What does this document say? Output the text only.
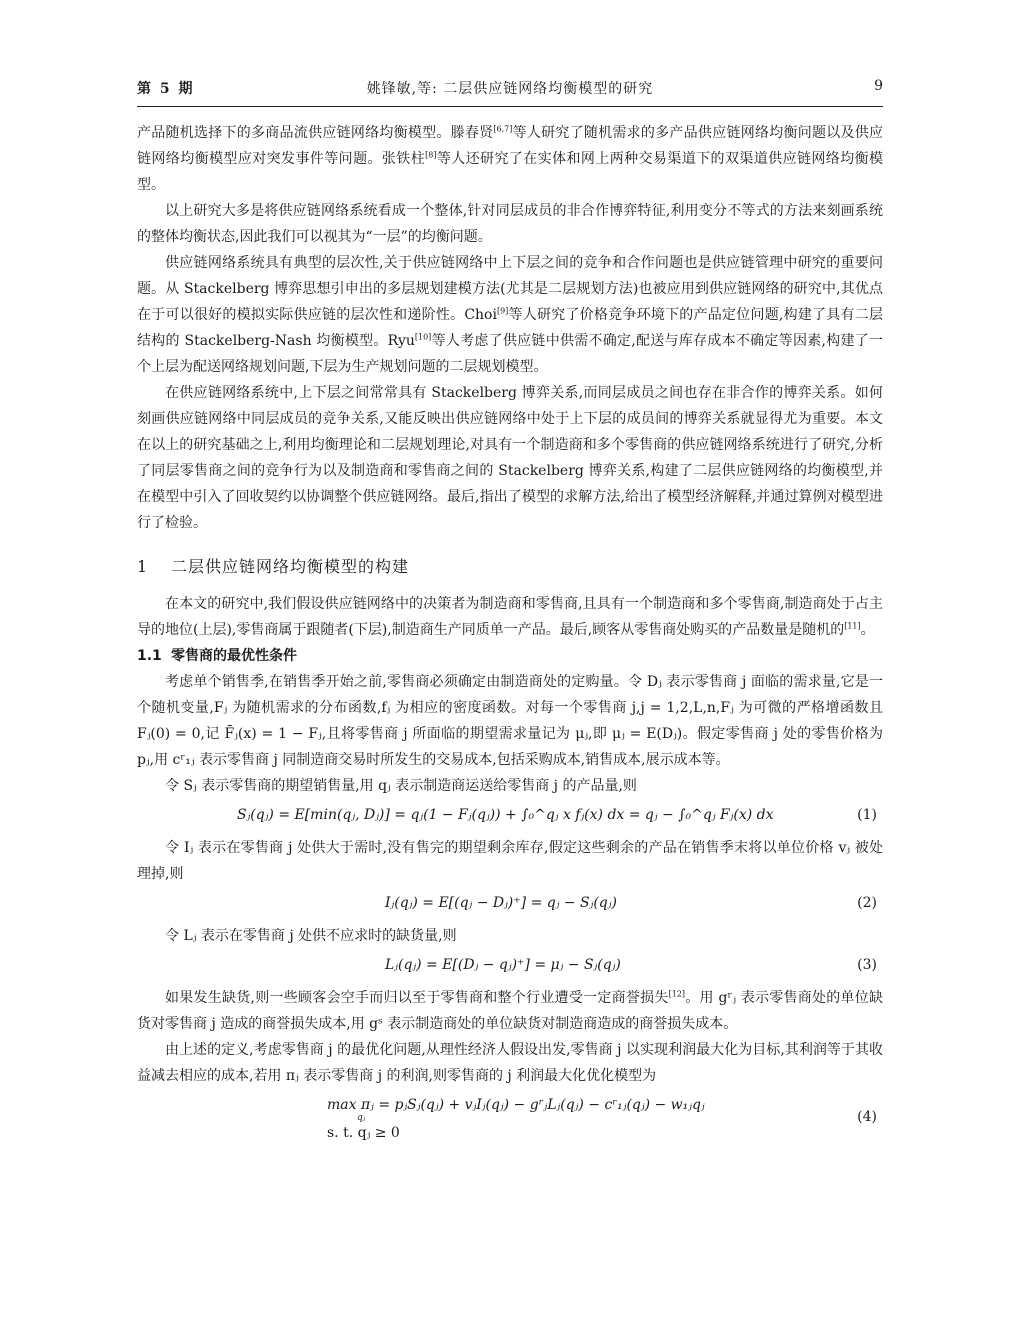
第 5 期	姚锋敏,等: 二层供应链网络均衡模型的研究	9

产品随机选择下的多商品流供应链网络均衡模型。滕春贤[6,7]等人研究了随机需求的多产品供应链网络均衡问题以及供应链网络均衡模型应对突发事件等问题。张铁柱[8]等人还研究了在实体和网上两种交易渠道下的双渠道供应链网络均衡模型。

以上研究大多是将供应链网络系统看成一个整体,针对同层成员的非合作博弈特征,利用变分不等式的方法来刻画系统的整体均衡状态,因此我们可以视其为“一层”的均衡问题。

供应链网络系统具有典型的层次性,关于供应链网络中上下层之间的竞争和合作问题也是供应链管理中研究的重要问题。从 Stackelberg 博弈思想引申出的多层规划建模方法(尤其是二层规划方法)也被应用到供应链网络的研究中,其优点在于可以很好的模拟实际供应链的层次性和递阶性。Choi[9]等人研究了价格竞争环境下的产品定位问题,构建了具有二层结构的 Stackelberg-Nash 均衡模型。Ryu[10]等人考虑了供应链中供需不确定,配送与库存成本不确定等因素,构建了一个上层为配送网络规划问题,下层为生产规划问题的二层规划模型。

在供应链网络系统中,上下层之间常常具有 Stackelberg 博弈关系,而同层成员之间也存在非合作的博弈关系。如何刻画供应链网络中同层成员的竞争关系,又能反映出供应链网络中处于上下层的成员间的博弈关系就显得尤为重要。本文在以上的研究基础之上,利用均衡理论和二层规划理论,对具有一个制造商和多个零售商的供应链网络系统进行了研究,分析了同层零售商之间的竞争行为以及制造商和零售商之间的 Stackelberg 博弈关系,构建了二层供应链网络的均衡模型,并在模型中引入了回收契约以协调整个供应链网络。最后,指出了模型的求解方法,给出了模型经济解释,并通过算例对模型进行了检验。

1 二层供应链网络均衡模型的构建

在本文的研究中,我们假设供应链网络中的决策者为制造商和零售商,且具有一个制造商和多个零售商,制造商处于占主导的地位(上层),零售商属于跟随者(下层),制造商生产同质单一产品。最后,顾客从零售商处购买的产品数量是随机的[11]。

1.1 零售商的最优性条件

考虑单个销售季,在销售季开始之前,零售商必须确定由制造商处的定购量。令 Dⱼ 表示零售商 j 面临的需求量,它是一个随机变量,Fⱼ 为随机需求的分布函数,fⱼ 为相应的密度函数。对每一个零售商 j,j = 1,2,L,n,Fⱼ 为可微的严格增函数且 Fⱼ(0) = 0,记 F̄ⱼ(x) = 1 − Fⱼ,且将零售商 j 所面临的期望需求量记为 μⱼ,即 μⱼ = E(Dⱼ)。假定零售商 j 处的零售价格为 pⱼ,用 cʳ₁ⱼ 表示零售商 j 同制造商交易时所发生的交易成本,包括采购成本,销售成本,展示成本等。

令 Sⱼ 表示零售商的期望销售量,用 qⱼ 表示制造商运送给零售商 j 的产品量,则

Sⱼ(qⱼ) = E[min(qⱼ, Dⱼ)] = qⱼ(1 − Fⱼ(qⱼ)) + ∫₀^qⱼ x fⱼ(x) dx = qⱼ − ∫₀^qⱼ Fⱼ(x) dx	(1)

令 Iⱼ 表示在零售商 j 处供大于需时,没有售完的期望剩余库存,假定这些剩余的产品在销售季末将以单位价格 vⱼ 被处理掉,则

Iⱼ(qⱼ) = E[(qⱼ − Dⱼ)⁺] = qⱼ − Sⱼ(qⱼ)	(2)

令 Lⱼ 表示在零售商 j 处供不应求时的缺货量,则

Lⱼ(qⱼ) = E[(Dⱼ − qⱼ)⁺] = μⱼ − Sⱼ(qⱼ)	(3)

如果发生缺货,则一些顾客会空手而归以至于零售商和整个行业遭受一定商誉损失[12]。用 gʳⱼ 表示零售商处的单位缺货对零售商 j 造成的商誉损失成本,用 gˢ 表示制造商处的单位缺货对制造商造成的商誉损失成本。

由上述的定义,考虑零售商 j 的最优化问题,从理性经济人假设出发,零售商 j 以实现利润最大化为目标,其利润等于其收益减去相应的成本,若用 πⱼ 表示零售商 j 的利润,则零售商的 j 利润最大化优化模型为

max πⱼ = pⱼSⱼ(qⱼ) + vⱼIⱼ(qⱼ) − gʳⱼLⱼ(qⱼ) − cʳ₁ⱼ(qⱼ) − w₁ⱼqⱼ
qⱼ
s. t. qⱼ ≥ 0
(4)
